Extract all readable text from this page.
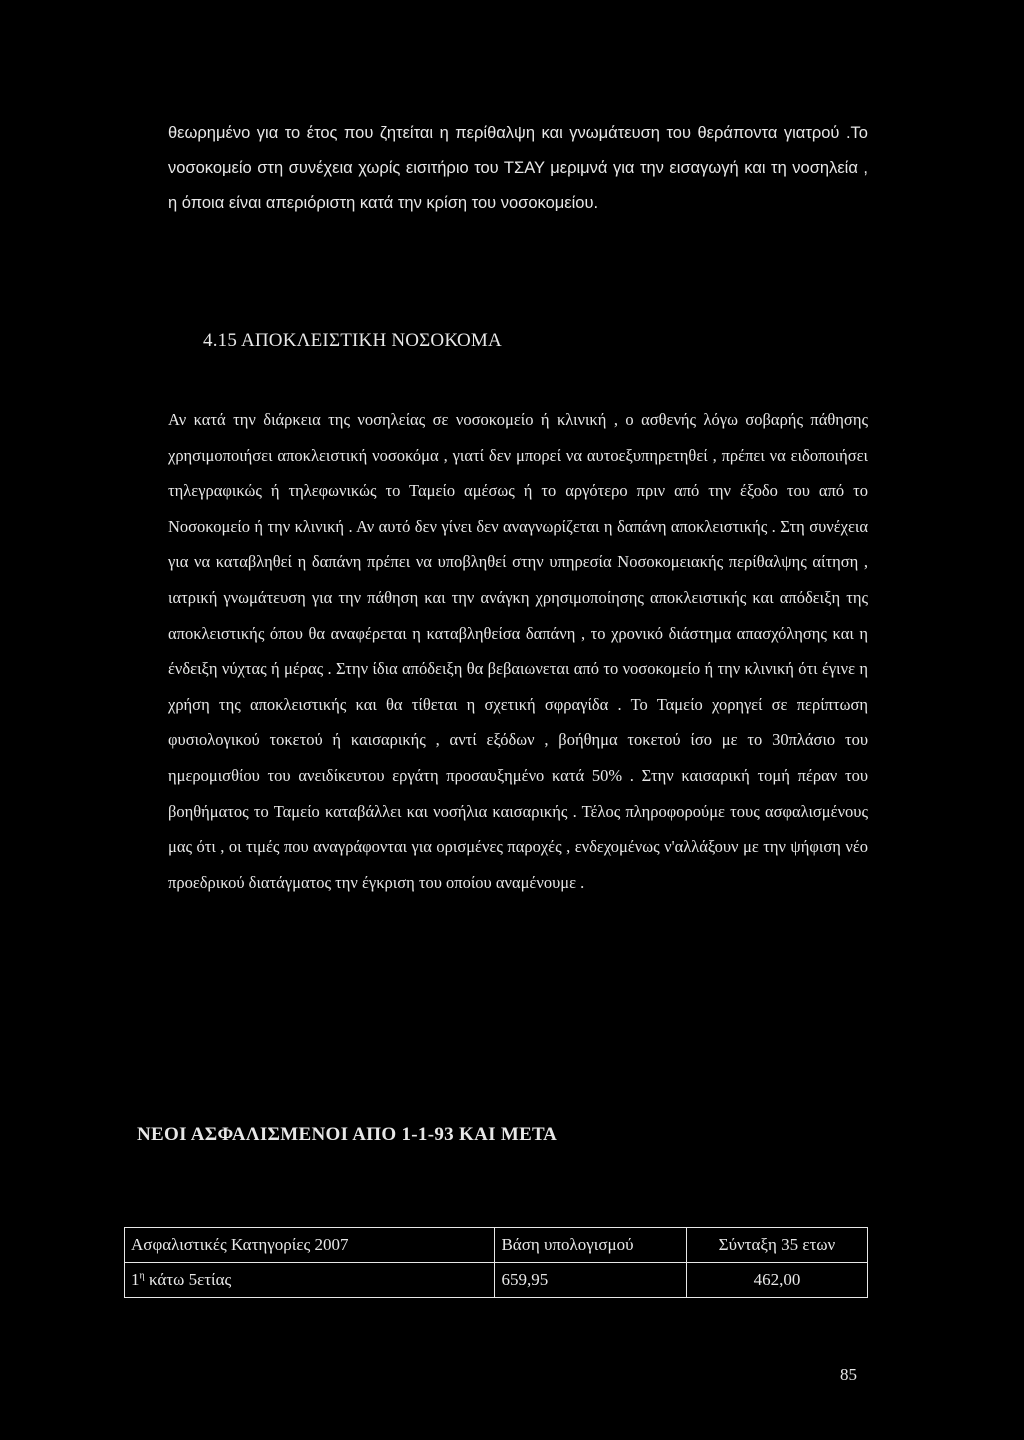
θεωρημένο για το έτος που ζητείται η περίθαλψη και γνωμάτευση του θεράποντα γιατρού .Το νοσοκομείο στη συνέχεια χωρίς εισιτήριο του ΤΣΑΥ μεριμνά για την εισαγωγή και τη νοσηλεία , η όποια είναι απεριόριστη κατά την κρίση του νοσοκομείου.

4.15 ΑΠΟΚΛΕΙΣΤΙΚΗ ΝΟΣΟΚΟΜΑ

Αν κατά την διάρκεια της νοσηλείας σε νοσοκομείο ή κλινική , ο ασθενής λόγω σοβαρής πάθησης χρησιμοποιήσει αποκλειστική νοσοκόμα , γιατί δεν μπορεί να αυτοεξυπηρετηθεί , πρέπει να ειδοποιήσει τηλεγραφικώς ή τηλεφωνικώς το Ταμείο αμέσως ή το αργότερο πριν από την έξοδο του από το Νοσοκομείο ή την κλινική . Αν αυτό δεν γίνει δεν αναγνωρίζεται η δαπάνη αποκλειστικής . Στη συνέχεια για να καταβληθεί η δαπάνη πρέπει να υποβληθεί στην υπηρεσία Νοσοκομειακής περίθαλψης αίτηση , ιατρική γνωμάτευση για την πάθηση και την ανάγκη χρησιμοποίησης αποκλειστικής και απόδειξη της αποκλειστικής όπου θα αναφέρεται η καταβληθείσα δαπάνη , το χρονικό διάστημα απασχόλησης και η ένδειξη νύχτας ή μέρας . Στην ίδια απόδειξη θα βεβαιωνεται από το νοσοκομείο ή την κλινική ότι έγινε η χρήση της αποκλειστικής και θα τίθεται η σχετική σφραγίδα . Το Ταμείο χορηγεί σε περίπτωση φυσιολογικού τοκετού ή καισαρικής , αντί εξόδων , βοήθημα τοκετού ίσο με το 30πλάσιο του ημερομισθίου του ανειδίκευτου εργάτη προσαυξημένο κατά 50% . Στην καισαρική τομή πέραν του βοηθήματος το Ταμείο καταβάλλει και νοσήλια καισαρικής . Τέλος πληροφορούμε τους ασφαλισμένους μας ότι , οι τιμές που αναγράφονται για ορισμένες παροχές , ενδεχομένως ν'αλλάξουν με την ψήφιση νέο προεδρικού διατάγματος την έγκριση του οποίου αναμένουμε .

ΝΕΟΙ ΑΣΦΑΛΙΣΜΕΝΟΙ ΑΠΟ 1-1-93 ΚΑΙ ΜΕΤΑ
Ασφαλιστικές Κατηγορίες 2007	Βάση υπολογισμού	Σύνταξη 35 ετων
$1^\eta$ κάτω 5ετίας	659,95	462,00

85
